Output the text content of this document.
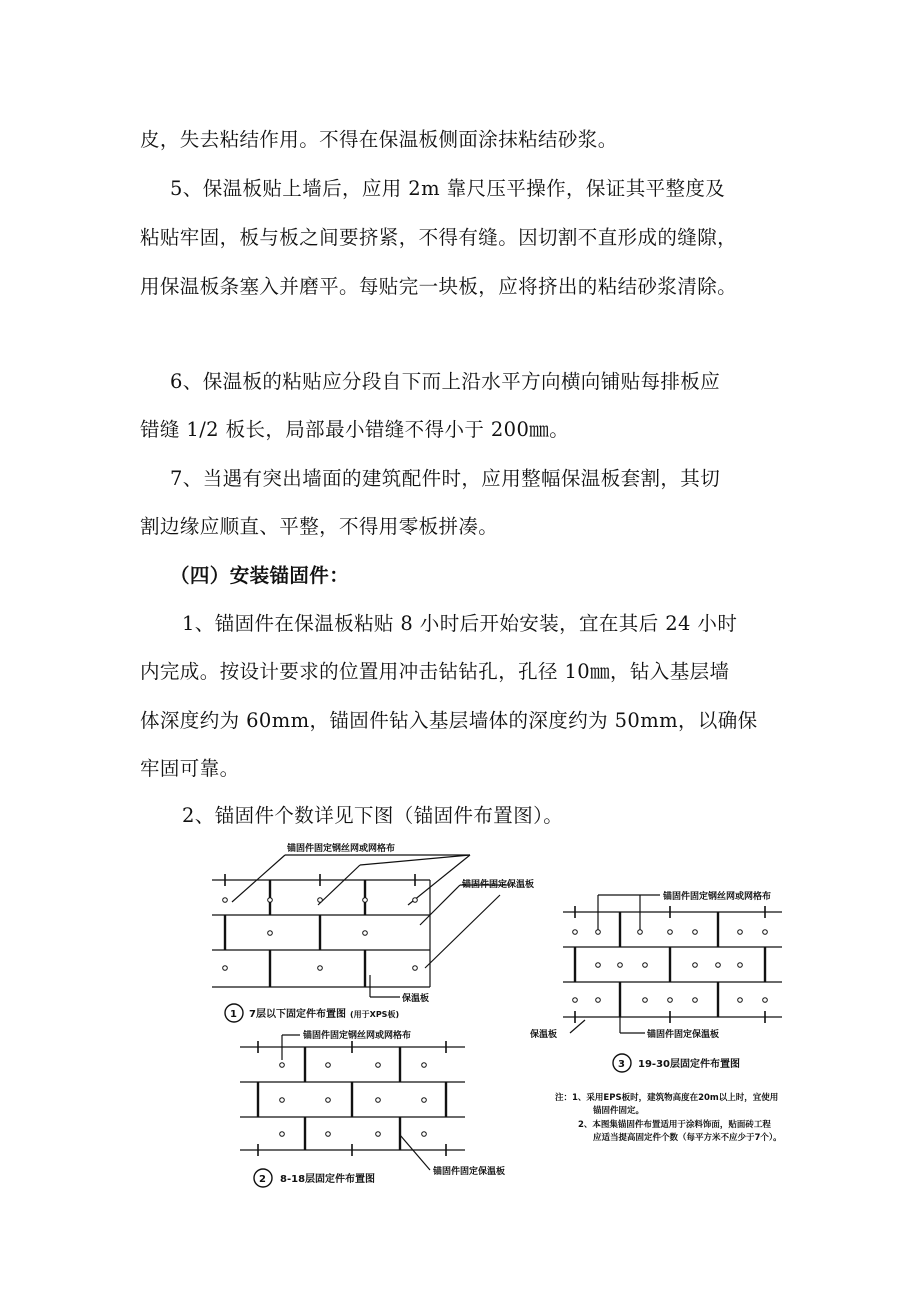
皮，失去粘结作用。不得在保温板侧面涂抹粘结砂浆。
5、保温板贴上墙后，应用 2m 靠尺压平操作，保证其平整度及
粘贴牢固，板与板之间要挤紧，不得有缝。因切割不直形成的缝隙，
用保温板条塞入并磨平。每贴完一块板，应将挤出的粘结砂浆清除。
6、保温板的粘贴应分段自下而上沿水平方向横向铺贴每排板应
错缝 1/2 板长，局部最小错缝不得小于 200㎜。
7、当遇有突出墙面的建筑配件时，应用整幅保温板套割，其切
割边缘应顺直、平整，不得用零板拼凑。
（四）安装锚固件：
1、锚固件在保温板粘贴 8 小时后开始安装，宜在其后 24 小时
内完成。按设计要求的位置用冲击钻钻孔，孔径 10㎜，钻入基层墙
体深度约为 60mm，锚固件钻入基层墙体的深度约为 50mm，以确保
牢固可靠。
2、锚固件个数详见下图（锚固件布置图）。
锚固件固定钢丝网或网格布
锚固件固定保温板
保温板
1 7层以下固定件布置图 (用于XPS板)
锚固件固定钢丝网或网格布
锚固件固定保温板
2 8-18层固定件布置图
锚固件固定钢丝网或网格布
锚固件固定保温板
保温板
3 19-30层固定件布置图
注：1、采用EPS板时，建筑物高度在20m以上时，宜使用
锚固件固定。
2、本图集锚固件布置适用于涂料饰面，贴面砖工程
应适当提高固定件个数（每平方米不应少于7个）。
